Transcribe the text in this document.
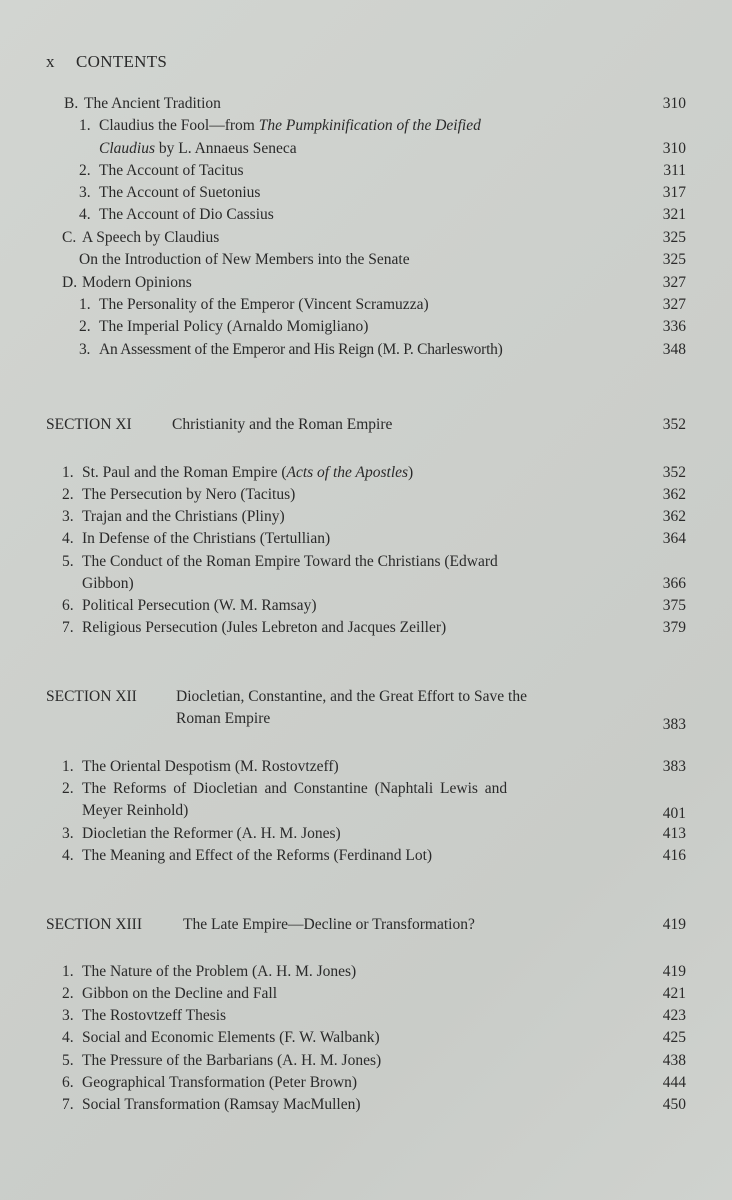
x CONTENTS
B. The Ancient Tradition	310
1. Claudius the Fool—from The Pumpkinification of the Deified
Claudius by L. Annaeus Seneca	310
2. The Account of Tacitus	311
3. The Account of Suetonius	317
4. The Account of Dio Cassius	321
C. A Speech by Claudius	325
On the Introduction of New Members into the Senate	325
D. Modern Opinions	327
1. The Personality of the Emperor (Vincent Scramuzza)	327
2. The Imperial Policy (Arnaldo Momigliano)	336
3. An Assessment of the Emperor and His Reign (M. P. Charlesworth)	348
SECTION XI	Christianity and the Roman Empire	352
1. St. Paul and the Roman Empire (Acts of the Apostles)	352
2. The Persecution by Nero (Tacitus)	362
3. Trajan and the Christians (Pliny)	362
4. In Defense of the Christians (Tertullian)	364
5. The Conduct of the Roman Empire Toward the Christians (Edward
Gibbon)	366
6. Political Persecution (W. M. Ramsay)	375
7. Religious Persecution (Jules Lebreton and Jacques Zeiller)	379
SECTION XII	Diocletian, Constantine, and the Great Effort to Save the
Roman Empire	383
1. The Oriental Despotism (M. Rostovtzeff)	383
2. The Reforms of Diocletian and Constantine (Naphtali Lewis and
Meyer Reinhold)	401
3. Diocletian the Reformer (A. H. M. Jones)	413
4. The Meaning and Effect of the Reforms (Ferdinand Lot)	416
SECTION XIII	The Late Empire—Decline or Transformation?	419
1. The Nature of the Problem (A. H. M. Jones)	419
2. Gibbon on the Decline and Fall	421
3. The Rostovtzeff Thesis	423
4. Social and Economic Elements (F. W. Walbank)	425
5. The Pressure of the Barbarians (A. H. M. Jones)	438
6. Geographical Transformation (Peter Brown)	444
7. Social Transformation (Ramsay MacMullen)	450
